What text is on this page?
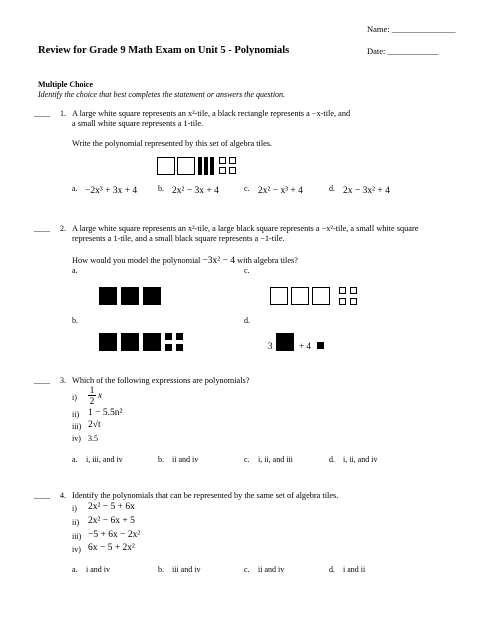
Name: _______________
Date: ____________
Review for Grade 9 Math Exam on Unit 5 - Polynomials
Multiple Choice
Identify the choice that best completes the statement or answers the question.
____ 1. A large white square represents an x²-tile, a black rectangle represents a −x-tile, and
a small white square represents a 1-tile.
Write the polynomial represented by this set of algebra tiles.
a. −2x³ + 3x + 4	b. 2x² − 3x + 4	c. 2x² − x³ + 4	d. 2x − 3x² + 4
____ 2. A large white square represents an x²-tile, a large black square represents a −x²-tile, a small white square
represents a 1-tile, and a small black square represents a −1-tile.
How would you model the polynomial −3x² − 4 with algebra tiles?
a.	c.
b.	d.
3	+ 4
____ 3. Which of the following expressions are polynomials?
i)
1
2 x
ii) 1 − 5.5n²
iii) 2√t
iv) 3.5
a. i, iii, and iv	b. ii and iv	c. i, ii, and iii	d. i, ii, and iv
____ 4. Identify the polynomials that can be represented by the same set of algebra tiles.
i) 2x² − 5 + 6x
ii) 2x² − 6x + 5
iii) −5 + 6x − 2x²
iv) 6x − 5 + 2x²
a. i and iv	b. iii and iv	c. ii and iv	d. i and ii
